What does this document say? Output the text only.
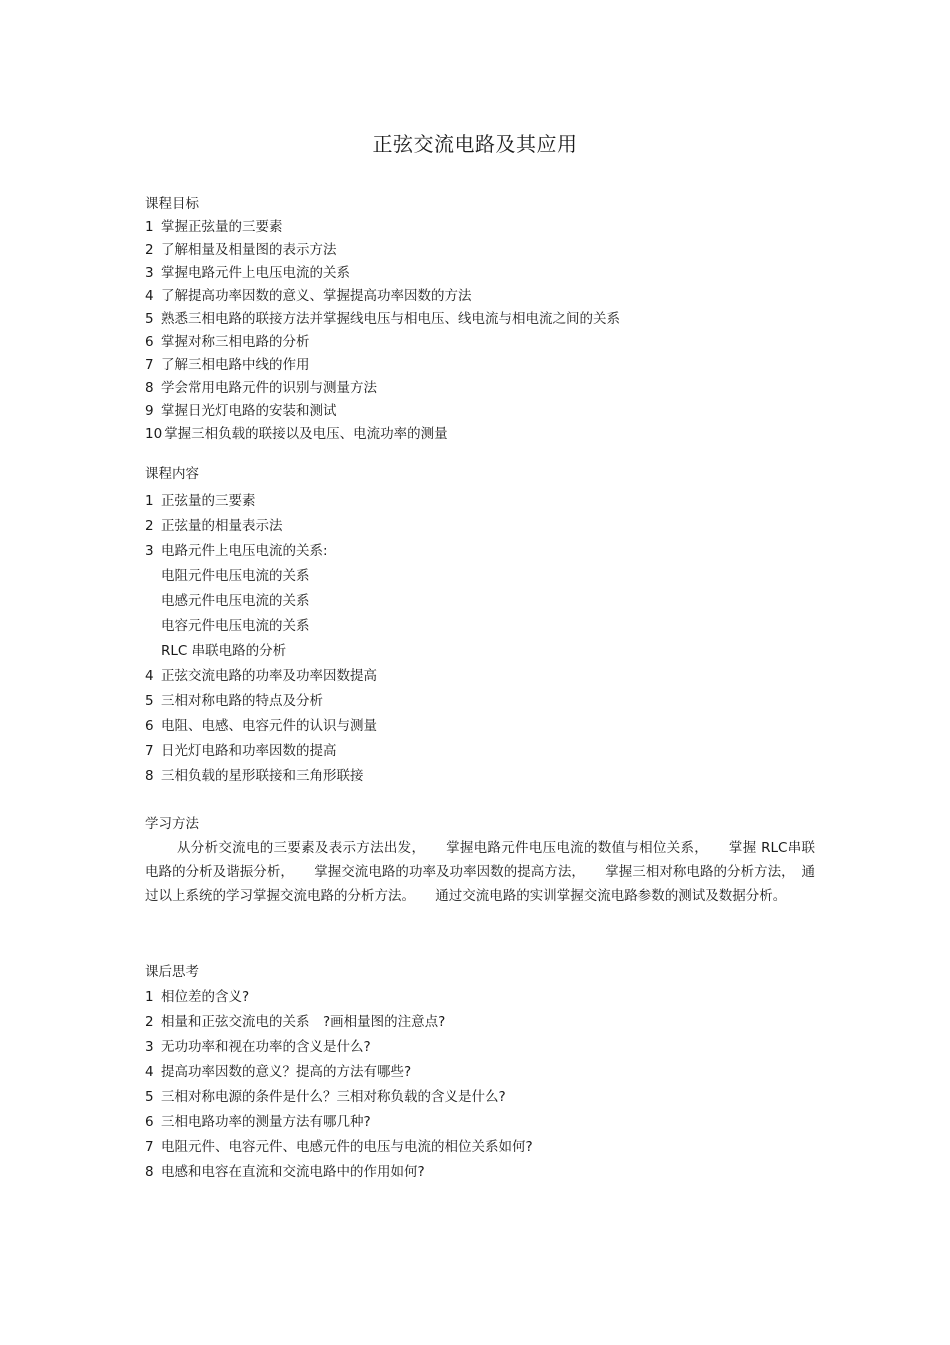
正弦交流电路及其应用
课程目标
1 掌握正弦量的三要素
2 了解相量及相量图的表示方法
3 掌握电路元件上电压电流的关系
4 了解提高功率因数的意义、掌握提高功率因数的方法
5 熟悉三相电路的联接方法并掌握线电压与相电压、线电流与相电流之间的关系
6 掌握对称三相电路的分析
7 了解三相电路中线的作用
8 学会常用电路元件的识别与测量方法
9 掌握日光灯电路的安装和测试
10 掌握三相负载的联接以及电压、电流功率的测量
课程内容
1 正弦量的三要素
2 正弦量的相量表示法
3 电路元件上电压电流的关系:
电阻元件电压电流的关系
电感元件电压电流的关系
电容元件电压电流的关系
RLC 串联电路的分析
4 正弦交流电路的功率及功率因数提高
5 三相对称电路的特点及分析
6 电阻、电感、电容元件的认识与测量
7 日光灯电路和功率因数的提高
8 三相负载的星形联接和三角形联接
学习方法
从分析交流电的三要素及表示方法出发，　　掌握电路元件电压电流的数值与相位关系，　　掌握 RLC串联电路的分析及谐振分析，　　掌握交流电路的功率及功率因数的提高方法，　　掌握三相对称电路的分析方法，　通过以上系统的学习掌握交流电路的分析方法。　　通过交流电路的实训掌握交流电路参数的测试及数据分析。
课后思考
1 相位差的含义?
2 相量和正弦交流电的关系　?画相量图的注意点?
3 无功功率和视在功率的含义是什么?
4 提高功率因数的意义？提高的方法有哪些?
5 三相对称电源的条件是什么？三相对称负载的含义是什么?
6 三相电路功率的测量方法有哪几种?
7 电阻元件、电容元件、电感元件的电压与电流的相位关系如何?
8 电感和电容在直流和交流电路中的作用如何?
